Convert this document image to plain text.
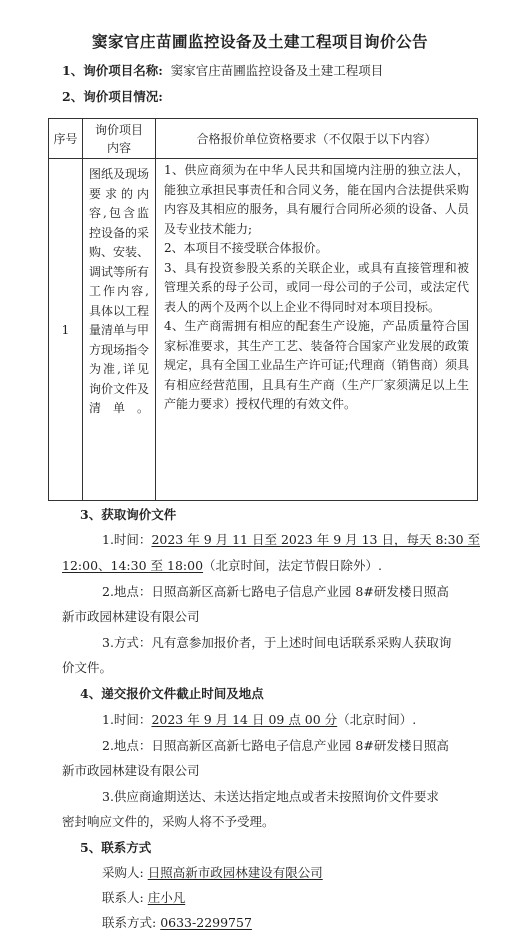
窦家官庄苗圃监控设备及土建工程项目询价公告
1、询价项目名称: 窦家官庄苗圃监控设备及土建工程项目
2、询价项目情况:
序号	询价项目内容	合格报价单位资格要求（不仅限于以下内容）
1	图纸及现场要求的内容,包含监控设备的采购、安装、调试等所有工作内容,具体以工程量清单与甲方现场指令为准,详见询价文件及清单。	1、供应商须为在中华人民共和国境内注册的独立法人，能独立承担民事责任和合同义务，能在国内合法提供采购内容及其相应的服务，具有履行合同所必须的设备、人员及专业技术能力;

2、本项目不接受联合体报价。

3、具有投资参股关系的关联企业，或具有直接管理和被管理关系的母子公司，或同一母公司的子公司，或法定代表人的两个及两个以上企业不得同时对本项目投标。

4、生产商需拥有相应的配套生产设施，产品质量符合国家标准要求，其生产工艺、装备符合国家产业发展的政策规定，具有全国工业品生产许可证;代理商（销售商）须具有相应经营范围，且具有生产商（生产厂家须满足以上生产能力要求）授权代理的有效文件。

3、获取询价文件
1.时间：2023 年 9 月 11 日至 2023 年 9 月 13 日，每天 8:30 至
12:00、14:30 至 18:00（北京时间，法定节假日除外）.
2.地点：日照高新区高新七路电子信息产业园 8#研发楼日照高
新市政园林建设有限公司
3.方式：凡有意参加报价者，于上述时间电话联系采购人获取询
价文件。
4、递交报价文件截止时间及地点
1.时间：2023 年 9 月 14 日 09 点 00 分（北京时间）.
2.地点：日照高新区高新七路电子信息产业园 8#研发楼日照高
新市政园林建设有限公司
3.供应商逾期送达、未送达指定地点或者未按照询价文件要求
密封响应文件的，采购人将不予受理。
5、联系方式
采购人: 日照高新市政园林建设有限公司
联系人: 庄小凡
联系方式: 0633-2299757
